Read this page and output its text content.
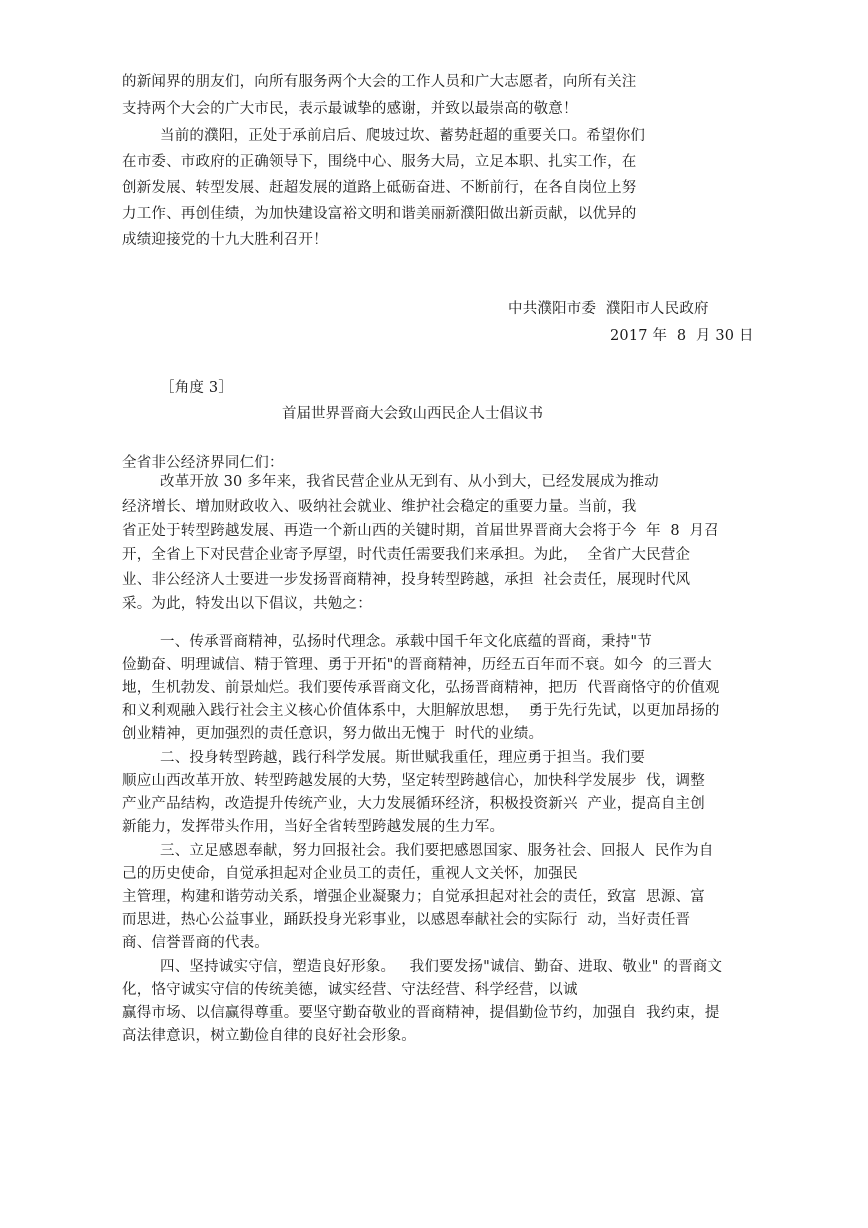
的新闻界的朋友们，向所有服务两个大会的工作人员和广大志愿者，向所有关注
支持两个大会的广大市民，表示最诚挚的感谢，并致以最崇高的敬意！
当前的濮阳，正处于承前启后、爬坡过坎、蓄势赶超的重要关口。希望你们
在市委、市政府的正确领导下，围绕中心、服务大局，立足本职、扎实工作，在
创新发展、转型发展、赶超发展的道路上砥砺奋进、不断前行，在各自岗位上努
力工作、再创佳绩，为加快建设富裕文明和谐美丽新濮阳做出新贡献，以优异的
成绩迎接党的十九大胜利召开！
中共濮阳市委  濮阳市人民政府
2017 年  8  月 30 日
［角度 3］
首届世界晋商大会致山西民企人士倡议书
全省非公经济界同仁们：
改革开放 30 多年来，我省民营企业从无到有、从小到大，已经发展成为推动
经济增长、增加财政收入、吸纳社会就业、维护社会稳定的重要力量。当前，我
省正处于转型跨越发展、再造一个新山西的关键时期，首届世界晋商大会将于今  年  8  月召
开，全省上下对民营企业寄予厚望，时代责任需要我们来承担。为此，  全省广大民营企
业、非公经济人士要进一步发扬晋商精神，投身转型跨越，承担  社会责任，展现时代风
采。为此，特发出以下倡议，共勉之：
一、传承晋商精神，弘扬时代理念。承载中国千年文化底蕴的晋商，秉持"节
俭勤奋、明理诚信、精于管理、勇于开拓"的晋商精神，历经五百年而不衰。如今  的三晋大
地，生机勃发、前景灿烂。我们要传承晋商文化，弘扬晋商精神，把历  代晋商恪守的价值观
和义利观融入践行社会主义核心价值体系中，大胆解放思想，  勇于先行先试，以更加昂扬的
创业精神，更加强烈的责任意识，努力做出无愧于  时代的业绩。
二、投身转型跨越，践行科学发展。斯世赋我重任，理应勇于担当。我们要
顺应山西改革开放、转型跨越发展的大势，坚定转型跨越信心，加快科学发展步  伐，调整
产业产品结构，改造提升传统产业，大力发展循环经济，积极投资新兴  产业，提高自主创
新能力，发挥带头作用，当好全省转型跨越发展的生力军。
三、立足感恩奉献，努力回报社会。我们要把感恩国家、服务社会、回报人  民作为自
己的历史使命，自觉承担起对企业员工的责任，重视人文关怀，加强民
主管理，构建和谐劳动关系，增强企业凝聚力；自觉承担起对社会的责任，致富  思源、富
而思进，热心公益事业，踊跃投身光彩事业，以感恩奉献社会的实际行  动，当好责任晋
商、信誉晋商的代表。
四、坚持诚实守信，塑造良好形象。   我们要发扬"诚信、勤奋、进取、敬业" 的晋商文
化，恪守诚实守信的传统美德，诚实经营、守法经营、科学经营，以诚
赢得市场、以信赢得尊重。要坚守勤奋敬业的晋商精神，提倡勤俭节约，加强自  我约束，提
高法律意识，树立勤俭自律的良好社会形象。
